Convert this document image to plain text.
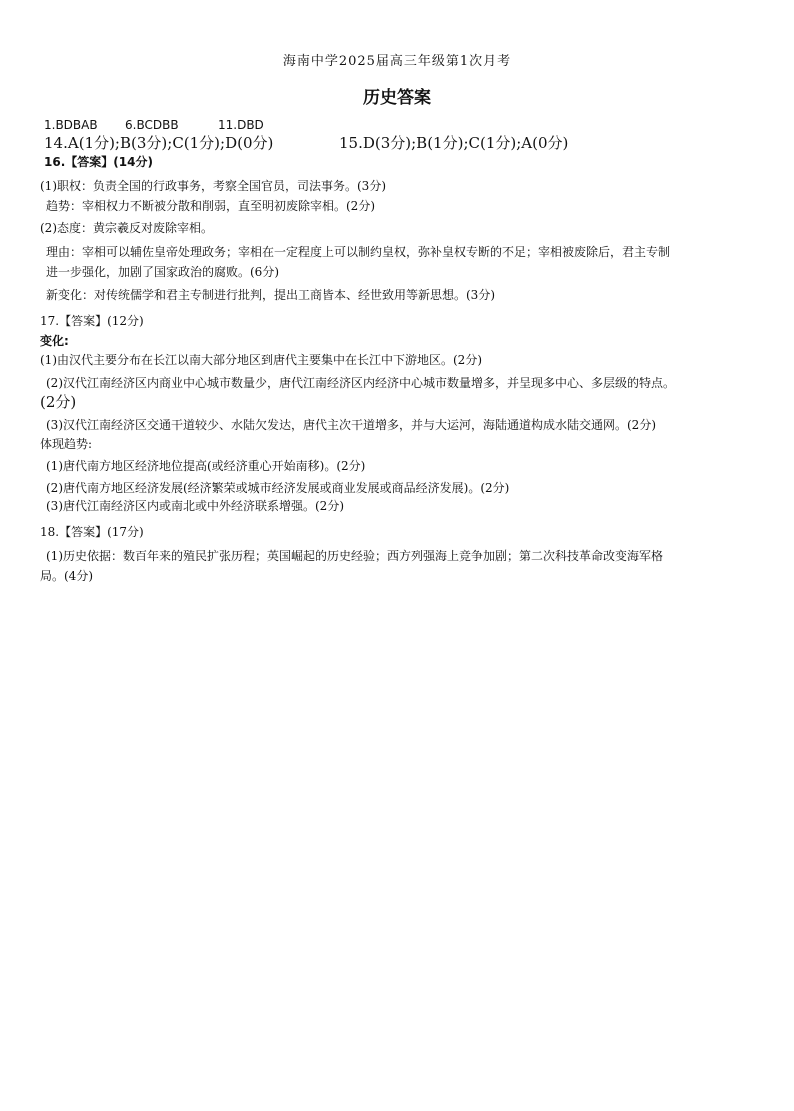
海南中学2025届高三年级第1次月考
历史答案
1.BDBAB 6.BCDBB	11.DBD
14.A(1分);B(3分);C(1分);D(0分)	15.D(3分);B(1分);C(1分);A(0分)
16.【答案】(14分)
(1)职权：负责全国的行政事务，考察全国官员，司法事务。(3分)
趋势：宰相权力不断被分散和削弱，直至明初废除宰相。(2分)
(2)态度：黄宗羲反对废除宰相。
理由：宰相可以辅佐皇帝处理政务；宰相在一定程度上可以制约皇权，弥补皇权专断的不足；宰相被废除后，君主专制
进一步强化，加剧了国家政治的腐败。(6分)
新变化：对传统儒学和君主专制进行批判，提出工商皆本、经世致用等新思想。(3分)
17.【答案】(12分)
变化:
(1)由汉代主要分布在长江以南大部分地区到唐代主要集中在长江中下游地区。(2分)
(2)汉代江南经济区内商业中心城市数量少，唐代江南经济区内经济中心城市数量增多，并呈现多中心、多层级的特点。
(2分)
(3)汉代江南经济区交通干道较少、水陆欠发达，唐代主次干道增多，并与大运河，海陆通道构成水陆交通网。(2分)
体现趋势:
(1)唐代南方地区经济地位提高(或经济重心开始南移)。(2分)
(2)唐代南方地区经济发展(经济繁荣或城市经济发展或商业发展或商品经济发展)。(2分)
(3)唐代江南经济区内或南北或中外经济联系增强。(2分)
18.【答案】(17分)
(1)历史依据：数百年来的殖民扩张历程；英国崛起的历史经验；西方列强海上竞争加剧；第二次科技革命改变海军格
局。(4分)
